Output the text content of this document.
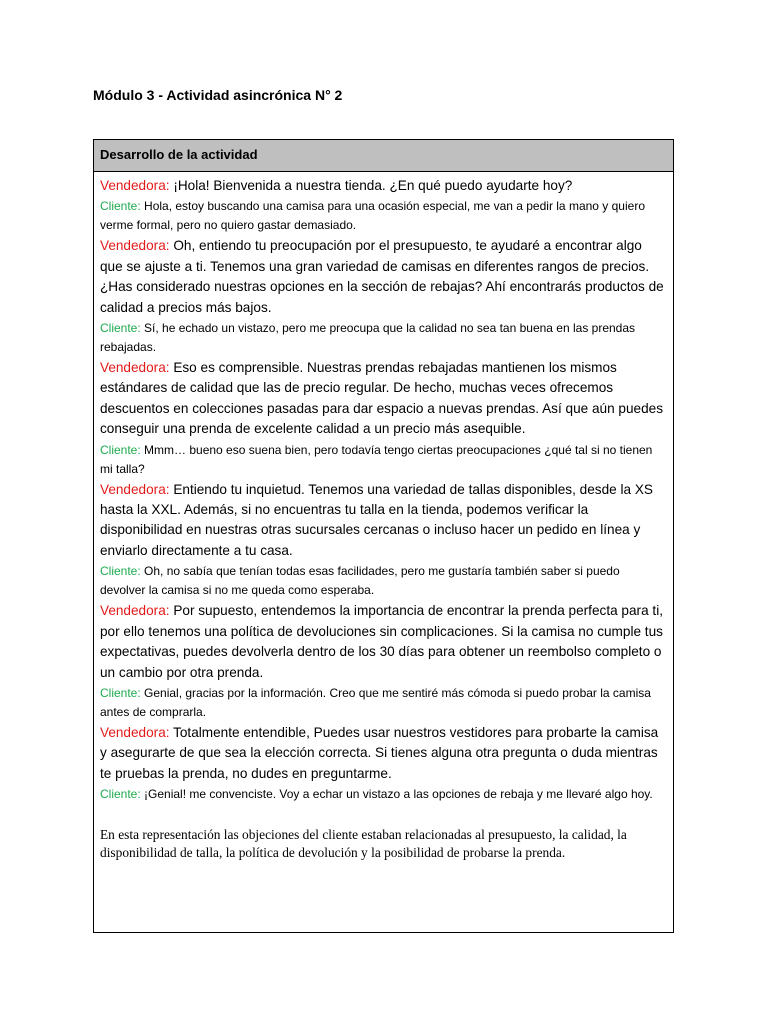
Módulo 3 - Actividad asincrónica N° 2
Desarrollo de la actividad

Vendedora: ¡Hola! Bienvenida a nuestra tienda. ¿En qué puedo ayudarte hoy?

Cliente: Hola, estoy buscando una camisa para una ocasión especial, me van a pedir la mano y quiero verme formal, pero no quiero gastar demasiado.

Vendedora: Oh, entiendo tu preocupación por el presupuesto, te ayudaré a encontrar algo que se ajuste a ti. Tenemos una gran variedad de camisas en diferentes rangos de precios. ¿Has considerado nuestras opciones en la sección de rebajas? Ahí encontrarás productos de calidad a precios más bajos.

Cliente: Sí, he echado un vistazo, pero me preocupa que la calidad no sea tan buena en las prendas rebajadas.

Vendedora: Eso es comprensible. Nuestras prendas rebajadas mantienen los mismos estándares de calidad que las de precio regular. De hecho, muchas veces ofrecemos descuentos en colecciones pasadas para dar espacio a nuevas prendas. Así que aún puedes conseguir una prenda de excelente calidad a un precio más asequible.

Cliente: Mmm… bueno eso suena bien, pero todavía tengo ciertas preocupaciones ¿qué tal si no tienen mi talla?

Vendedora: Entiendo tu inquietud. Tenemos una variedad de tallas disponibles, desde la XS hasta la XXL. Además, si no encuentras tu talla en la tienda, podemos verificar la disponibilidad en nuestras otras sucursales cercanas o incluso hacer un pedido en línea y enviarlo directamente a tu casa.

Cliente: Oh, no sabía que tenían todas esas facilidades, pero me gustaría también saber si puedo devolver la camisa si no me queda como esperaba.

Vendedora: Por supuesto, entendemos la importancia de encontrar la prenda perfecta para ti, por ello tenemos una política de devoluciones sin complicaciones. Si la camisa no cumple tus expectativas, puedes devolverla dentro de los 30 días para obtener un reembolso completo o un cambio por otra prenda.

Cliente: Genial, gracias por la información. Creo que me sentiré más cómoda si puedo probar la camisa antes de comprarla.

Vendedora: Totalmente entendible, Puedes usar nuestros vestidores para probarte la camisa y asegurarte de que sea la elección correcta. Si tienes alguna otra pregunta o duda mientras te pruebas la prenda, no dudes en preguntarme.

Cliente: ¡Genial! me convenciste. Voy a echar un vistazo a las opciones de rebaja y me llevaré algo hoy.

En esta representación las objeciones del cliente estaban relacionadas al presupuesto, la calidad, la disponibilidad de talla, la política de devolución y la posibilidad de probarse la prenda.
